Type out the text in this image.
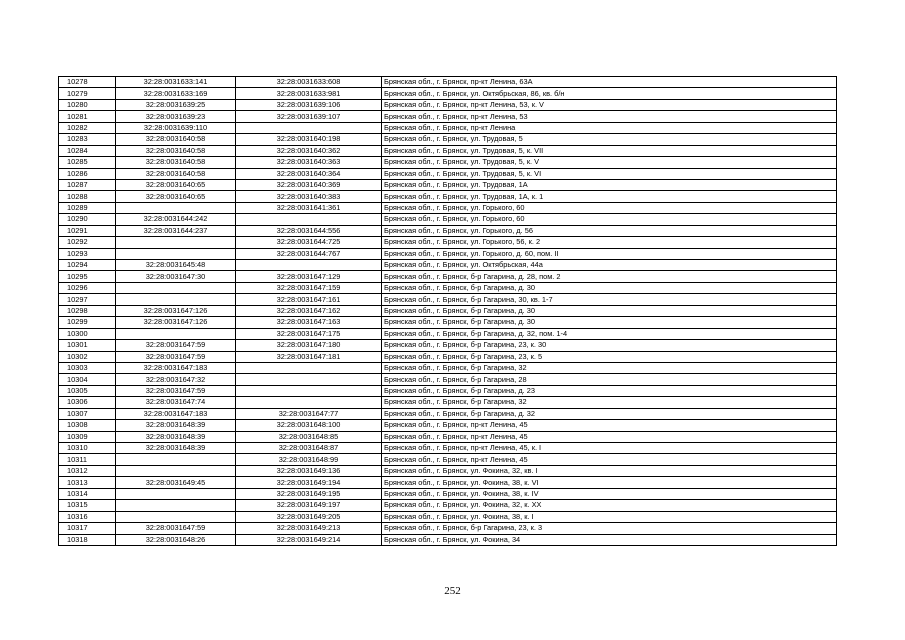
10278	32:28:0031633:141	32:28:0031633:608	Брянская обл., г. Брянск, пр-кт Ленина, 63А
10279	32:28:0031633:169	32:28:0031633:981	Брянская обл., г. Брянск, ул. Октябрьская, 86, кв. б/н
10280	32:28:0031639:25	32:28:0031639:106	Брянская обл., г. Брянск, пр-кт Ленина, 53, к. V
10281	32:28:0031639:23	32:28:0031639:107	Брянская обл., г. Брянск, пр-кт Ленина, 53
10282	32:28:0031639:110		Брянская обл., г. Брянск, пр-кт Ленина
10283	32:28:0031640:58	32:28:0031640:198	Брянская обл., г. Брянск, ул. Трудовая, 5
10284	32:28:0031640:58	32:28:0031640:362	Брянская обл., г. Брянск, ул. Трудовая, 5, к. VII
10285	32:28:0031640:58	32:28:0031640:363	Брянская обл., г. Брянск, ул. Трудовая, 5, к. V
10286	32:28:0031640:58	32:28:0031640:364	Брянская обл., г. Брянск, ул. Трудовая, 5, к. VI
10287	32:28:0031640:65	32:28:0031640:369	Брянская обл., г. Брянск, ул. Трудовая, 1А
10288	32:28:0031640:65	32:28:0031640:383	Брянская обл., г. Брянск, ул. Трудовая, 1А, к. 1
10289		32:28:0031641:361	Брянская обл., г. Брянск, ул. Горького, 60
10290	32:28:0031644:242		Брянская обл., г. Брянск, ул. Горького, 60
10291	32:28:0031644:237	32:28:0031644:556	Брянская обл., г. Брянск, ул. Горького, д. 56
10292		32:28:0031644:725	Брянская обл., г. Брянск, ул. Горького, 56, к. 2
10293		32:28:0031644:767	Брянская обл., г. Брянск, ул. Горького, д. 60, пом. II
10294	32:28:0031645:48		Брянская обл., г. Брянск, ул. Октябрьская, 44а
10295	32:28:0031647:30	32:28:0031647:129	Брянская обл., г. Брянск, б-р Гагарина, д. 28, пом. 2
10296		32:28:0031647:159	Брянская обл., г. Брянск, б-р Гагарина, д. 30
10297		32:28:0031647:161	Брянская обл., г. Брянск, б-р Гагарина, 30, кв. 1-7
10298	32:28:0031647:126	32:28:0031647:162	Брянская обл., г. Брянск, б-р Гагарина, д. 30
10299	32:28:0031647:126	32:28:0031647:163	Брянская обл., г. Брянск, б-р Гагарина, д. 30
10300		32:28:0031647:175	Брянская обл., г. Брянск, б-р Гагарина, д. 32, пом. 1-4
10301	32:28:0031647:59	32:28:0031647:180	Брянская обл., г. Брянск, б-р Гагарина, 23, к. 30
10302	32:28:0031647:59	32:28:0031647:181	Брянская обл., г. Брянск, б-р Гагарина, 23, к. 5
10303	32:28:0031647:183		Брянская обл., г. Брянск, б-р Гагарина, 32
10304	32:28:0031647:32		Брянская обл., г. Брянск, б-р Гагарина, 28
10305	32:28:0031647:59		Брянская обл., г. Брянск, б-р Гагарина, д. 23
10306	32:28:0031647:74		Брянская обл., г. Брянск, б-р Гагарина, 32
10307	32:28:0031647:183	32:28:0031647:77	Брянская обл., г. Брянск, б-р Гагарина, д. 32
10308	32:28:0031648:39	32:28:0031648:100	Брянская обл., г. Брянск, пр-кт Ленина, 45
10309	32:28:0031648:39	32:28:0031648:85	Брянская обл., г. Брянск, пр-кт Ленина, 45
10310	32:28:0031648:39	32:28:0031648:87	Брянская обл., г. Брянск, пр-кт Ленина, 45, к. I
10311		32:28:0031648:99	Брянская обл., г. Брянск, пр-кт Ленина, 45
10312		32:28:0031649:136	Брянская обл., г. Брянск, ул. Фокина, 32, кв. I
10313	32:28:0031649:45	32:28:0031649:194	Брянская обл., г. Брянск, ул. Фокина, 38, к. VI
10314		32:28:0031649:195	Брянская обл., г. Брянск, ул. Фокина, 38, к. IV
10315		32:28:0031649:197	Брянская обл., г. Брянск, ул. Фокина, 32, к. XX
10316		32:28:0031649:205	Брянская обл., г. Брянск, ул. Фокина, 38, к. I
10317	32:28:0031647:59	32:28:0031649:213	Брянская обл., г. Брянск, б-р Гагарина, 23, к. 3
10318	32:28:0031648:26	32:28:0031649:214	Брянская обл., г. Брянск, ул. Фокина, 34
252
